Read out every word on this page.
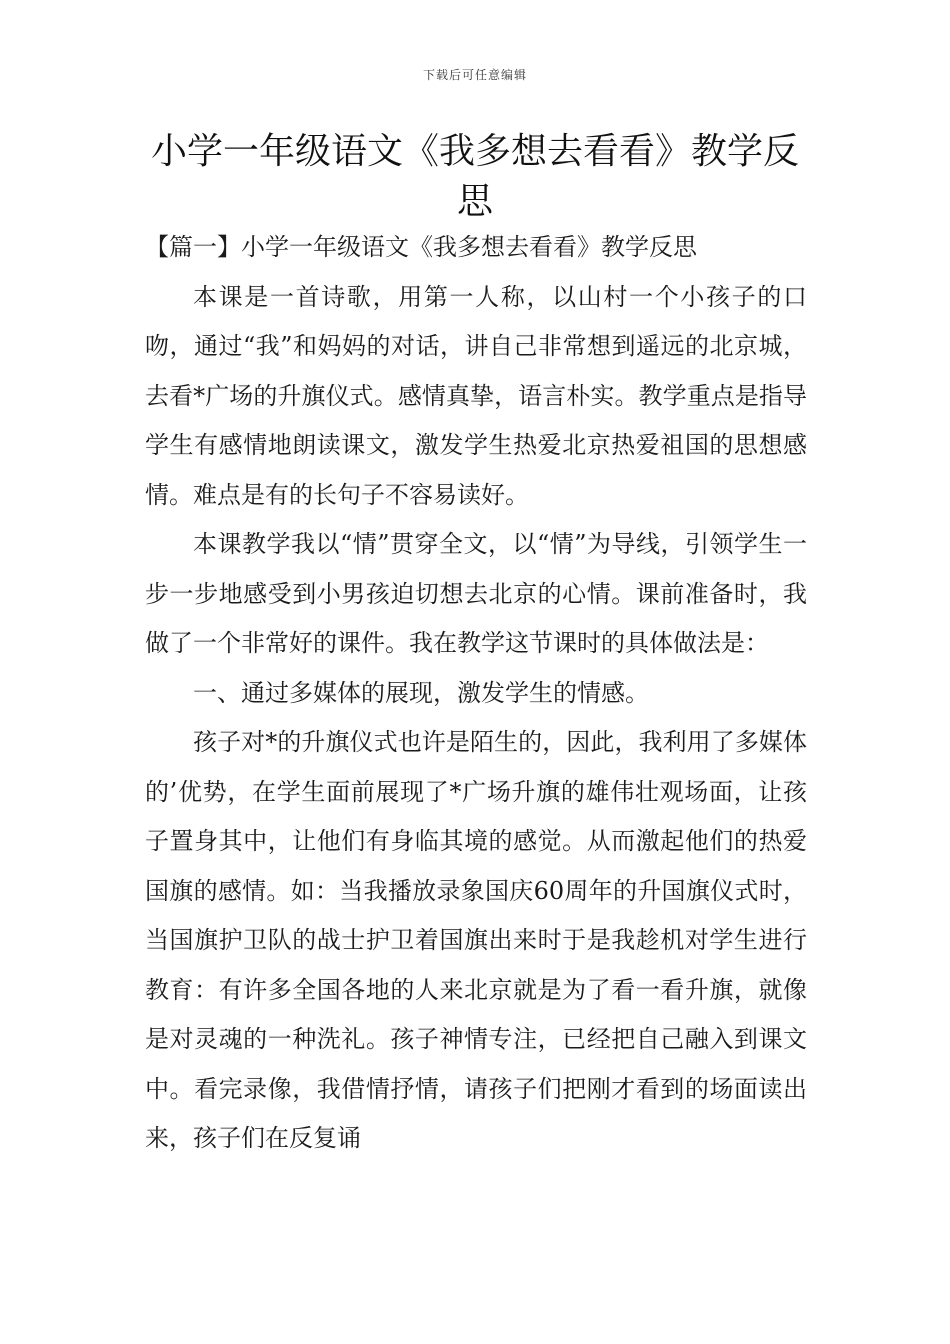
下载后可任意编辑
小学一年级语文《我多想去看看》教学反思

【篇一】小学一年级语文《我多想去看看》教学反思

本课是一首诗歌，用第一人称，以山村一个小孩子的口吻，通过“我”和妈妈的对话，讲自己非常想到遥远的北京城，去看*广场的升旗仪式。感情真挚，语言朴实。教学重点是指导学生有感情地朗读课文，激发学生热爱北京热爱祖国的思想感情。难点是有的长句子不容易读好。

本课教学我以“情”贯穿全文，以“情”为导线，引领学生一步一步地感受到小男孩迫切想去北京的心情。课前准备时，我做了一个非常好的课件。我在教学这节课时的具体做法是：

一、通过多媒体的展现，激发学生的情感。

孩子对*的升旗仪式也许是陌生的，因此，我利用了多媒体的’优势，在学生面前展现了*广场升旗的雄伟壮观场面，让孩子置身其中，让他们有身临其境的感觉。从而激起他们的热爱国旗的感情。如：当我播放录象国庆60周年的升国旗仪式时，当国旗护卫队的战士护卫着国旗出来时于是我趁机对学生进行教育：有许多全国各地的人来北京就是为了看一看升旗，就像是对灵魂的一种洗礼。孩子神情专注，已经把自己融入到课文中。看完录像，我借情抒情，请孩子们把刚才看到的场面读出来，孩子们在反复诵
